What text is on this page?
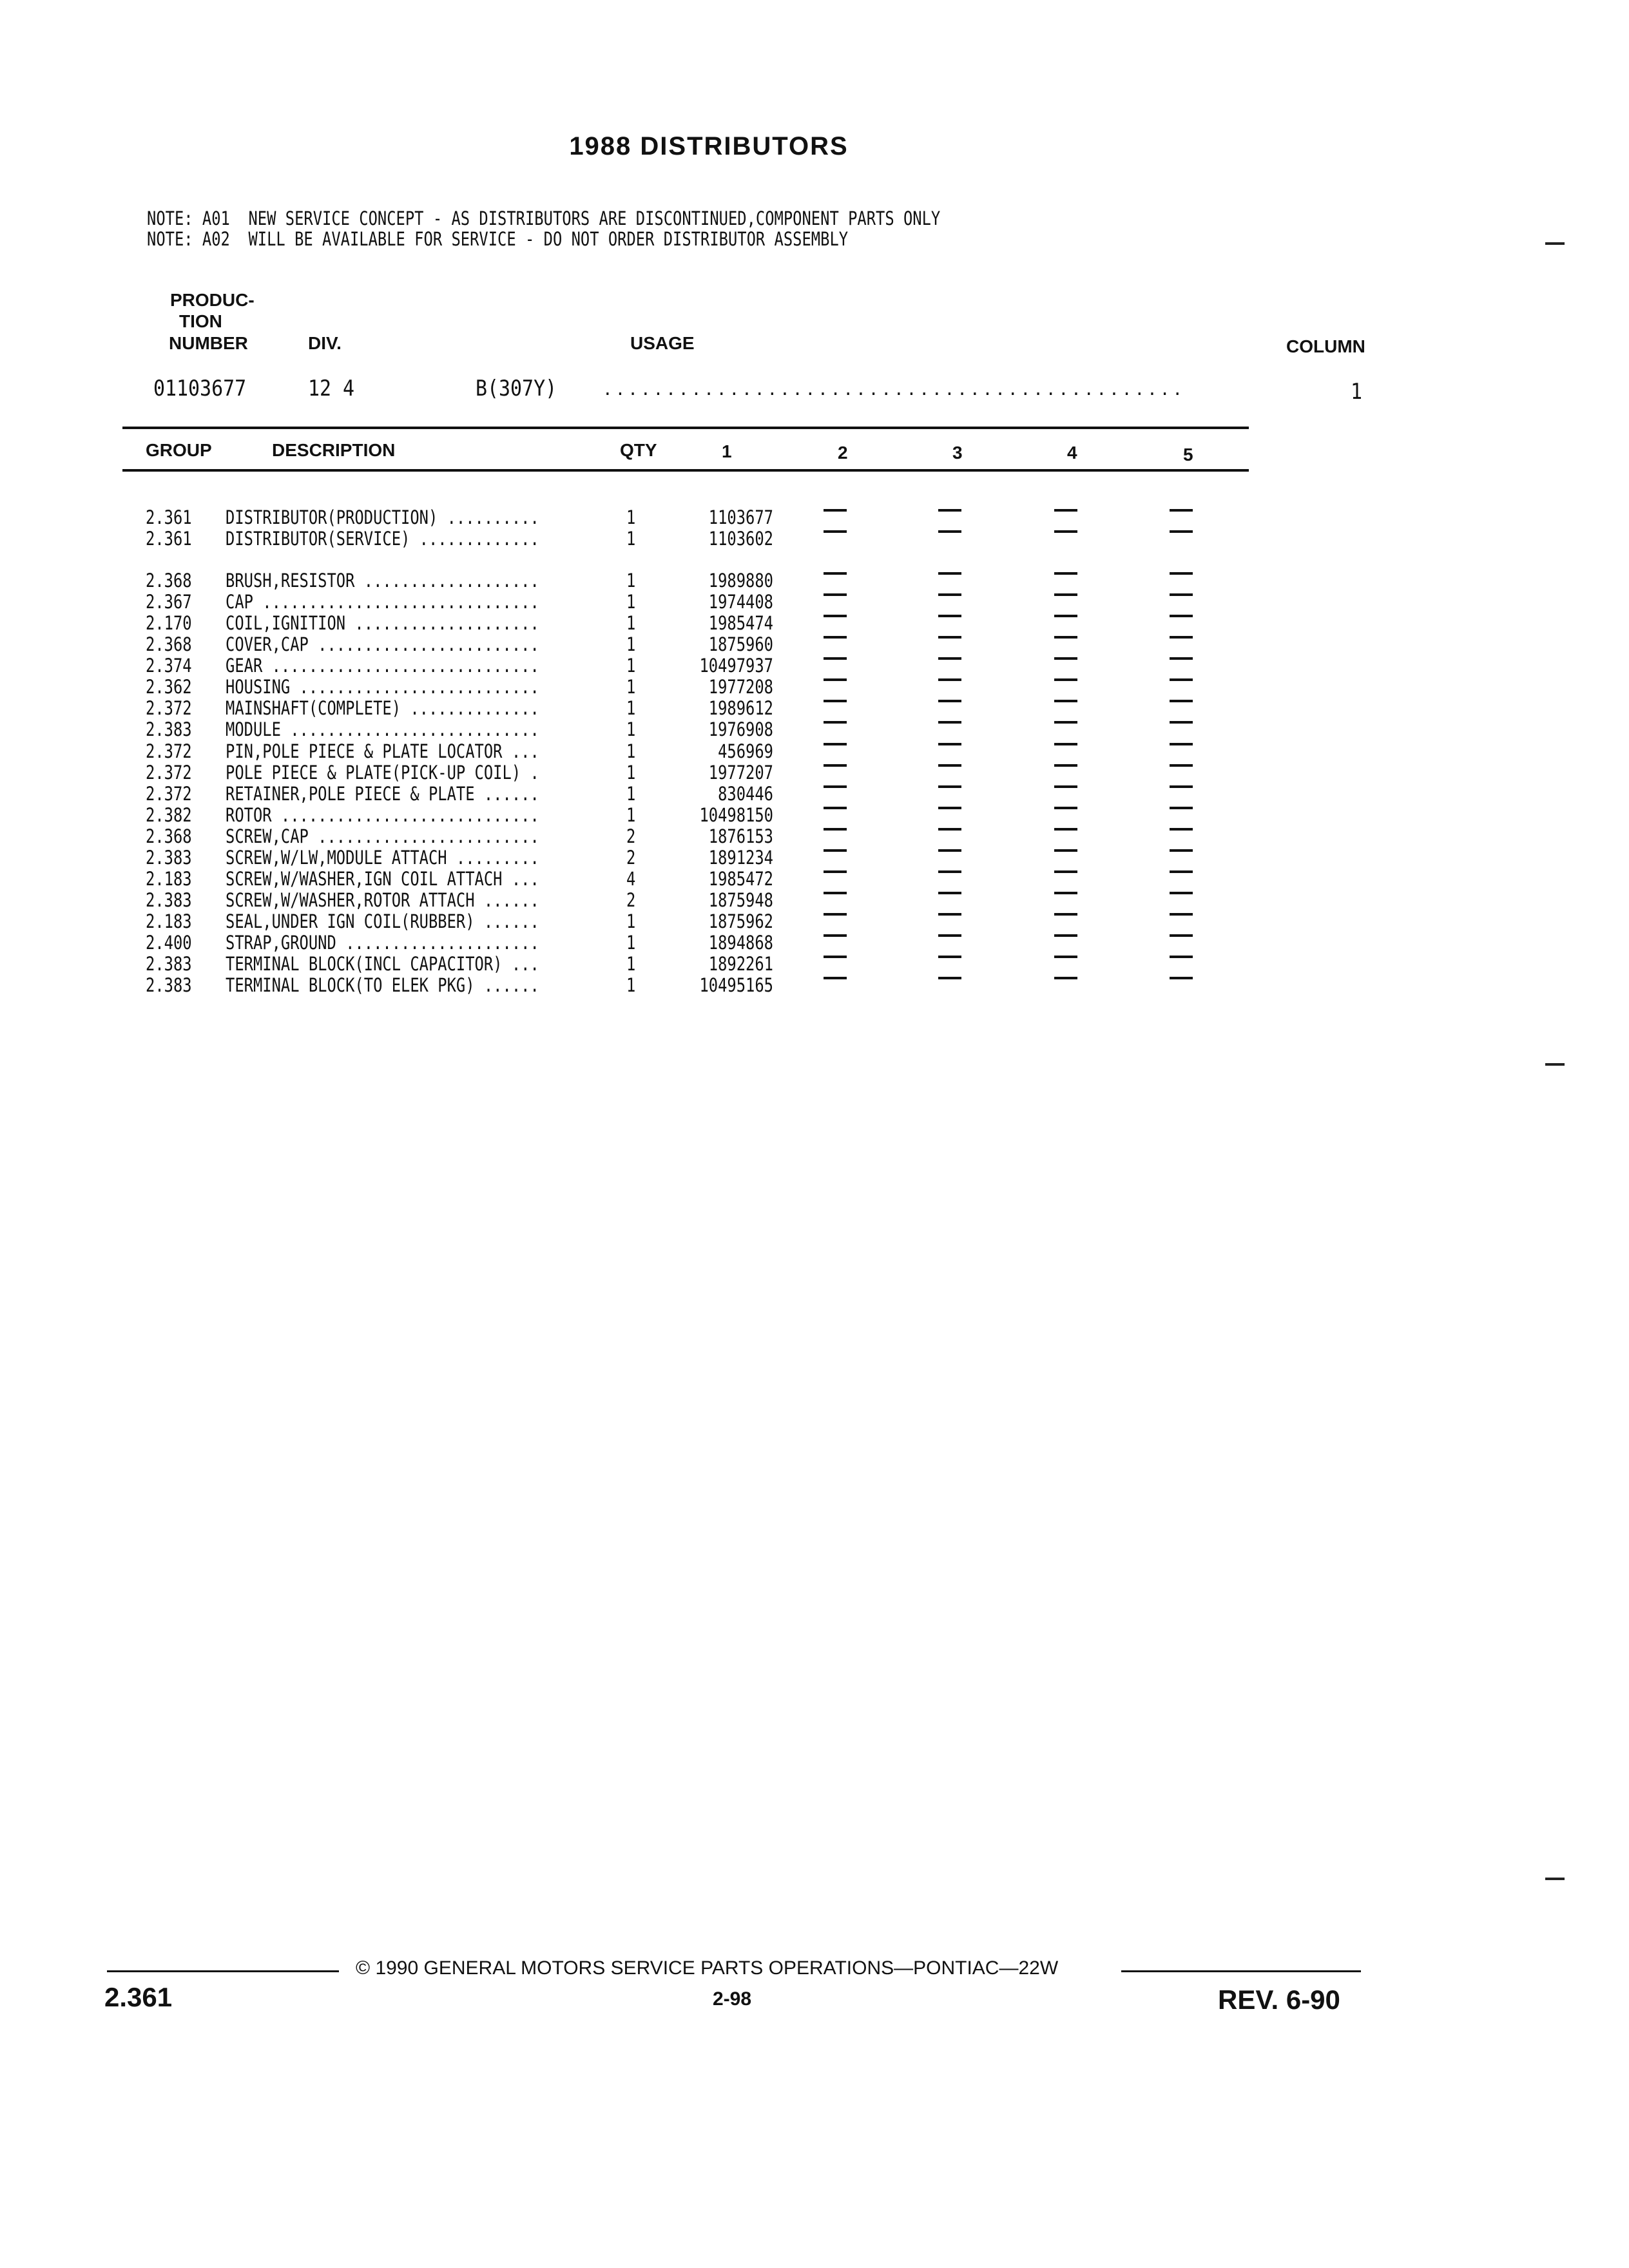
1988 DISTRIBUTORS
NOTE: A01  NEW SERVICE CONCEPT - AS DISTRIBUTORS ARE DISCONTINUED,COMPONENT PARTS ONLY
NOTE: A02  WILL BE AVAILABLE FOR SERVICE - DO NOT ORDER DISTRIBUTOR ASSEMBLY
PRODUC-
TION
NUMBER	DIV.	USAGE	COLUMN
01103677	12 4	B(307Y)	..............................................	1
GROUP	DESCRIPTION	QTY	1	2	3	4	5
2.361 DISTRIBUTOR(PRODUCTION) ..........	1	1103677
2.361 DISTRIBUTOR(SERVICE) .............	1	1103602
2.368 BRUSH,RESISTOR ...................	1	1989880
2.367 CAP ..............................	1	1974408
2.170 COIL,IGNITION ....................	1	1985474
2.368 COVER,CAP ........................	1	1875960
2.374 GEAR .............................	1	10497937
2.362 HOUSING ..........................	1	1977208
2.372 MAINSHAFT(COMPLETE) ..............	1	1989612
2.383 MODULE ...........................	1	1976908
2.372 PIN,POLE PIECE & PLATE LOCATOR ...	1	456969
2.372 POLE PIECE & PLATE(PICK-UP COIL) .	1	1977207
2.372 RETAINER,POLE PIECE & PLATE ......	1	830446
2.382 ROTOR ............................	1	10498150
2.368 SCREW,CAP ........................	2	1876153
2.383 SCREW,W/LW,MODULE ATTACH .........	2	1891234
2.183 SCREW,W/WASHER,IGN COIL ATTACH ...	4	1985472
2.383 SCREW,W/WASHER,ROTOR ATTACH ......	2	1875948
2.183 SEAL,UNDER IGN COIL(RUBBER) ......	1	1875962
2.400 STRAP,GROUND .....................	1	1894868
2.383 TERMINAL BLOCK(INCL CAPACITOR) ...	1	1892261
2.383 TERMINAL BLOCK(TO ELEK PKG) ......	1	10495165
© 1990 GENERAL MOTORS SERVICE PARTS OPERATIONS—PONTIAC—22W
2.361	2-98	REV. 6-90
